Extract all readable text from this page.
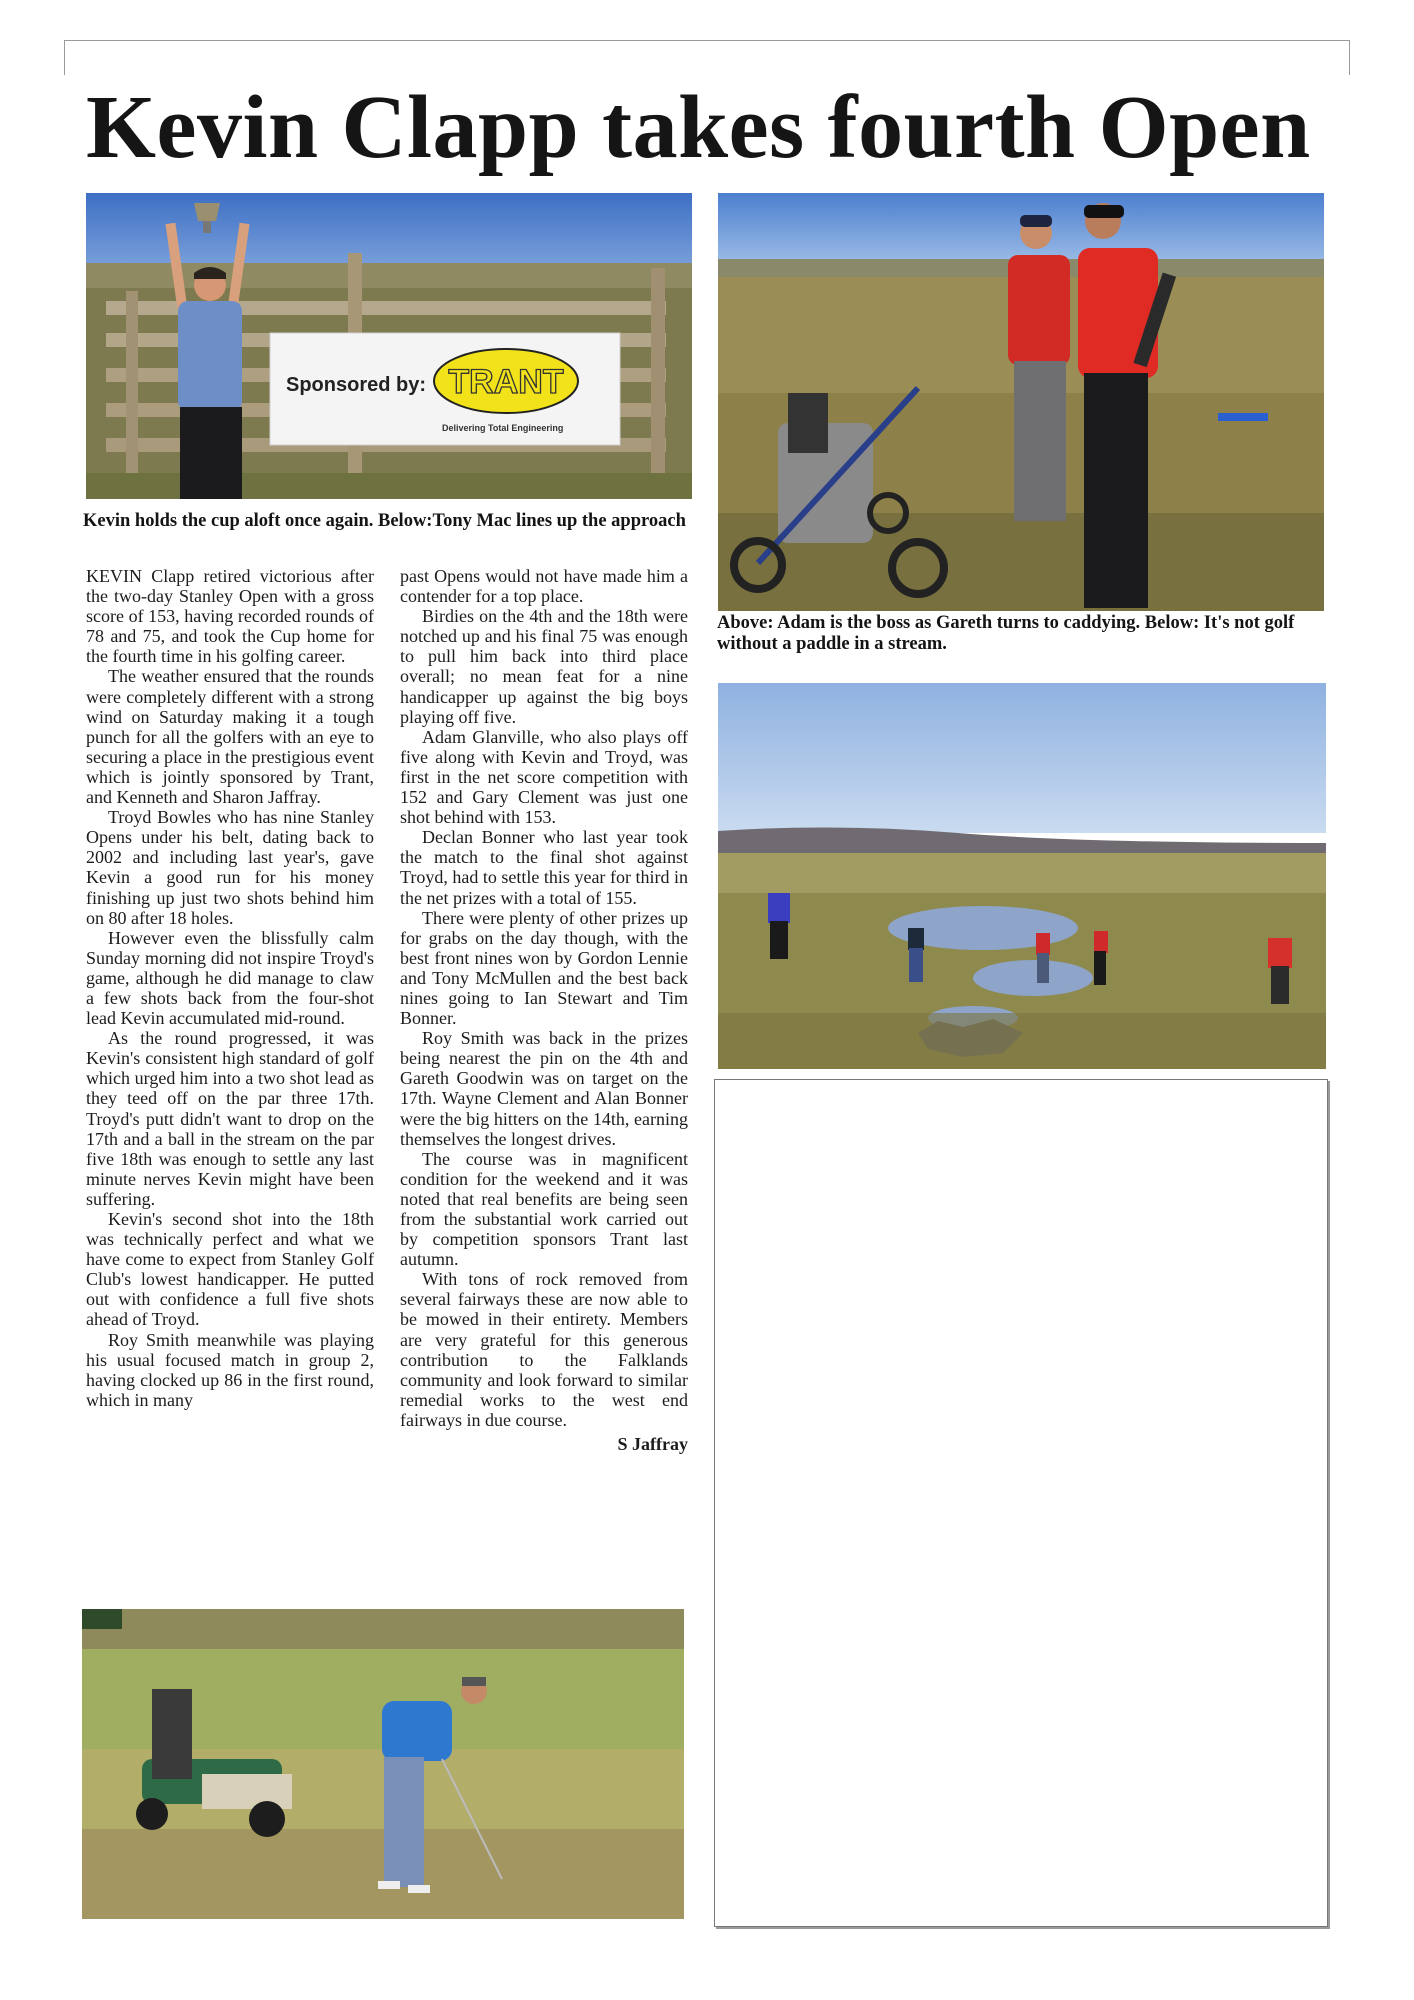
Kevin Clapp takes fourth Open
Sponsored by: TRANT
Delivering Total Engineering
Kevin holds the cup aloft once again. Below:Tony Mac lines up the approach
Above: Adam is the boss as Gareth turns to caddying. Below: It's not golf without a paddle in a stream.

KEVIN Clapp retired victorious after the two-day Stanley Open with a gross score of 153, having recorded rounds of 78 and 75, and took the Cup home for the fourth time in his golfing career.

The weather ensured that the rounds were completely different with a strong wind on Saturday making it a tough punch for all the golfers with an eye to securing a place in the prestigious event which is jointly sponsored by Trant, and Kenneth and Sharon Jaffray.

Troyd Bowles who has nine Stanley Opens under his belt, dating back to 2002 and including last year's, gave Kevin a good run for his money finishing up just two shots behind him on 80 after 18 holes.

However even the blissfully calm Sunday morning did not inspire Troyd's game, although he did manage to claw a few shots back from the four-shot lead Kevin accumulated mid-round.

As the round progressed, it was Kevin's consistent high standard of golf which urged him into a two shot lead as they teed off on the par three 17th. Troyd's putt didn't want to drop on the 17th and a ball in the stream on the par five 18th was enough to settle any last minute nerves Kevin might have been suffering.

Kevin's second shot into the 18th was technically perfect and what we have come to expect from Stanley Golf Club's lowest handicapper. He putted out with confidence a full five shots ahead of Troyd.

Roy Smith meanwhile was playing his usual focused match in group 2, having clocked up 86 in the first round, which in many

past Opens would not have made him a contender for a top place.

Birdies on the 4th and the 18th were notched up and his final 75 was enough to pull him back into third place overall; no mean feat for a nine handicapper up against the big boys playing off five.

Adam Glanville, who also plays off five along with Kevin and Troyd, was first in the net score competition with 152 and Gary Clement was just one shot behind with 153.

Declan Bonner who last year took the match to the final shot against Troyd, had to settle this year for third in the net prizes with a total of 155.

There were plenty of other prizes up for grabs on the day though, with the best front nines won by Gordon Lennie and Tony McMullen and the best back nines going to Ian Stewart and Tim Bonner.

Roy Smith was back in the prizes being nearest the pin on the 4th and Gareth Goodwin was on target on the 17th. Wayne Clement and Alan Bonner were the big hitters on the 14th, earning themselves the longest drives.

The course was in magnificent condition for the weekend and it was noted that real benefits are being seen from the substantial work carried out by competition sponsors Trant last autumn.

With tons of rock removed from several fairways these are now able to be mowed in their entirety. Members are very grateful for this generous contribution to the Falklands community and look forward to similar remedial works to the west end fairways in due course.

S Jaffray
